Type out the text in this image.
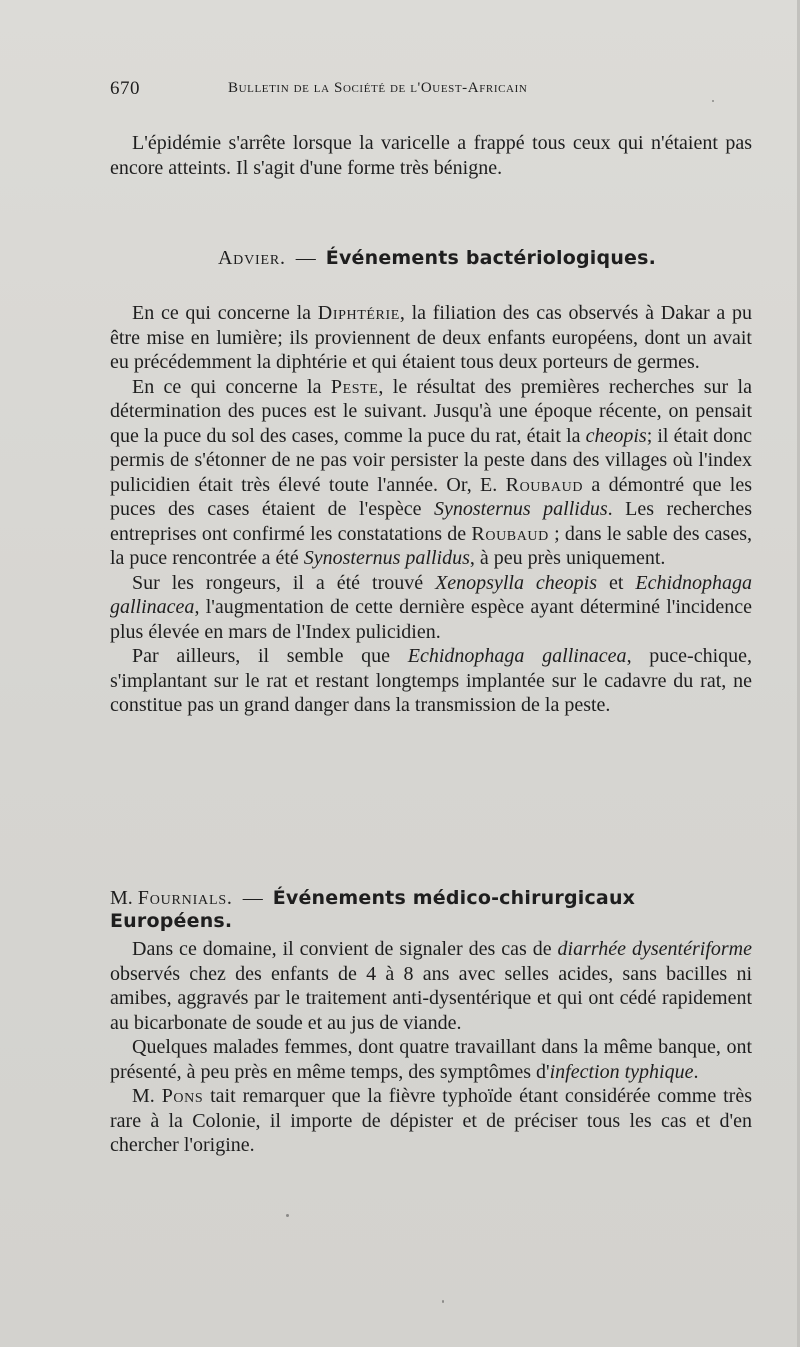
670	Bulletin de la Société de l'Ouest-Africain

L'épidémie s'arrête lorsque la varicelle a frappé tous ceux qui n'étaient pas encore atteints. Il s'agit d'une forme très bénigne.

Advier. — Événements bactériologiques.

En ce qui concerne la Diphtérie, la filiation des cas observés à Dakar a pu être mise en lumière; ils proviennent de deux enfants européens, dont un avait eu précédemment la diphtérie et qui étaient tous deux porteurs de germes.

En ce qui concerne la Peste, le résultat des premières recherches sur la détermination des puces est le suivant. Jusqu'à une époque récente, on pensait que la puce du sol des cases, comme la puce du rat, était la cheopis; il était donc permis de s'étonner de ne pas voir persister la peste dans des villages où l'index pulicidien était très élevé toute l'année. Or, E. Roubaud a démontré que les puces des cases étaient de l'espèce Synosternus pallidus. Les recherches entreprises ont confirmé les constatations de Roubaud ; dans le sable des cases, la puce rencontrée a été Synosternus pallidus, à peu près uniquement.

Sur les rongeurs, il a été trouvé Xenopsylla cheopis et Echidnophaga gallinacea, l'augmentation de cette dernière espèce ayant déterminé l'incidence plus élevée en mars de l'Index pulicidien.

Par ailleurs, il semble que Echidnophaga gallinacea, puce-chique, s'implantant sur le rat et restant longtemps implantée sur le cadavre du rat, ne constitue pas un grand danger dans la transmission de la peste.

M. Fournials. — Événements médico-chirurgicaux Européens.

Dans ce domaine, il convient de signaler des cas de diarrhée dysentériforme observés chez des enfants de 4 à 8 ans avec selles acides, sans bacilles ni amibes, aggravés par le traitement anti-dysentérique et qui ont cédé rapidement au bicarbonate de soude et au jus de viande.

Quelques malades femmes, dont quatre travaillant dans la même banque, ont présenté, à peu près en même temps, des symptômes d'infection typhique.

M. Pons tait remarquer que la fièvre typhoïde étant considérée comme très rare à la Colonie, il importe de dépister et de préciser tous les cas et d'en chercher l'origine.
